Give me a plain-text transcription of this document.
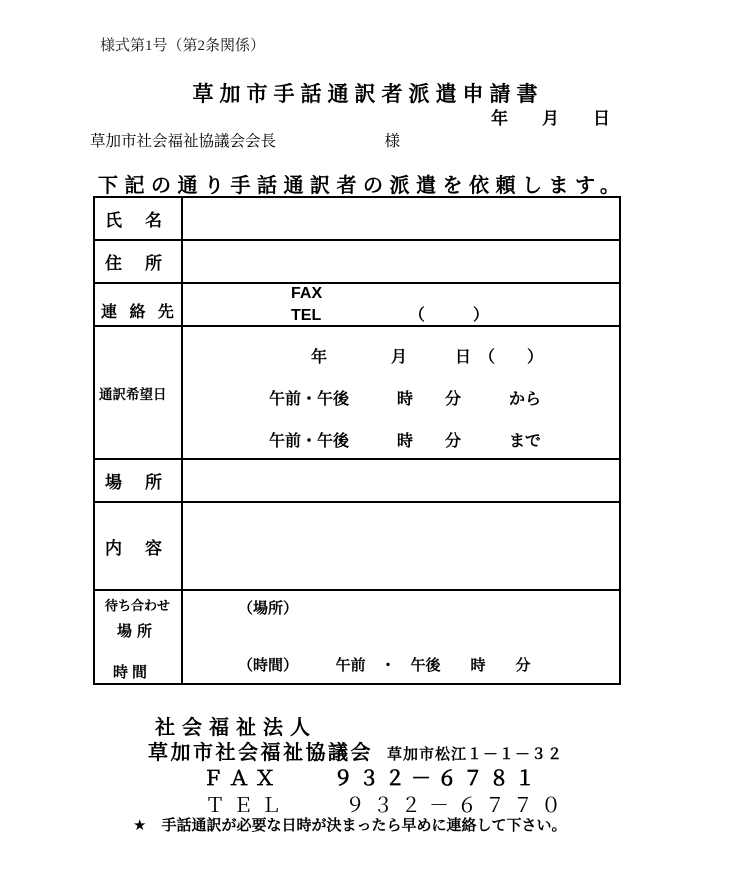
様式第1号（第2条関係）
草加市手話通訳者派遣申請書
年　　月　　日
草加市社会福祉協議会会長　　　　　　　様
下記の通り手話通訳者の派遣を依頼します。
氏　名
住　所
連 絡 先
FAX
TEL　　　　　　（　　　）
通訳希望日
年　　　　月　　　日　（　　）
午前・午後　　　時　　分　　　から
午前・午後　　　時　　分　　　まで
場　所
内　容
待ち合わせ
場所
時間
（場所）
（時間）　　　午前　・　午後　　時　　分
社会福祉法人
草加市社会福祉協議会 草加市松江１－１－３２
ＦＡＸ　　９３２－６７８１
ＴＥＬ　　９３２－６７７０
★　手話通訳が必要な日時が決まったら早めに連絡して下さい。
